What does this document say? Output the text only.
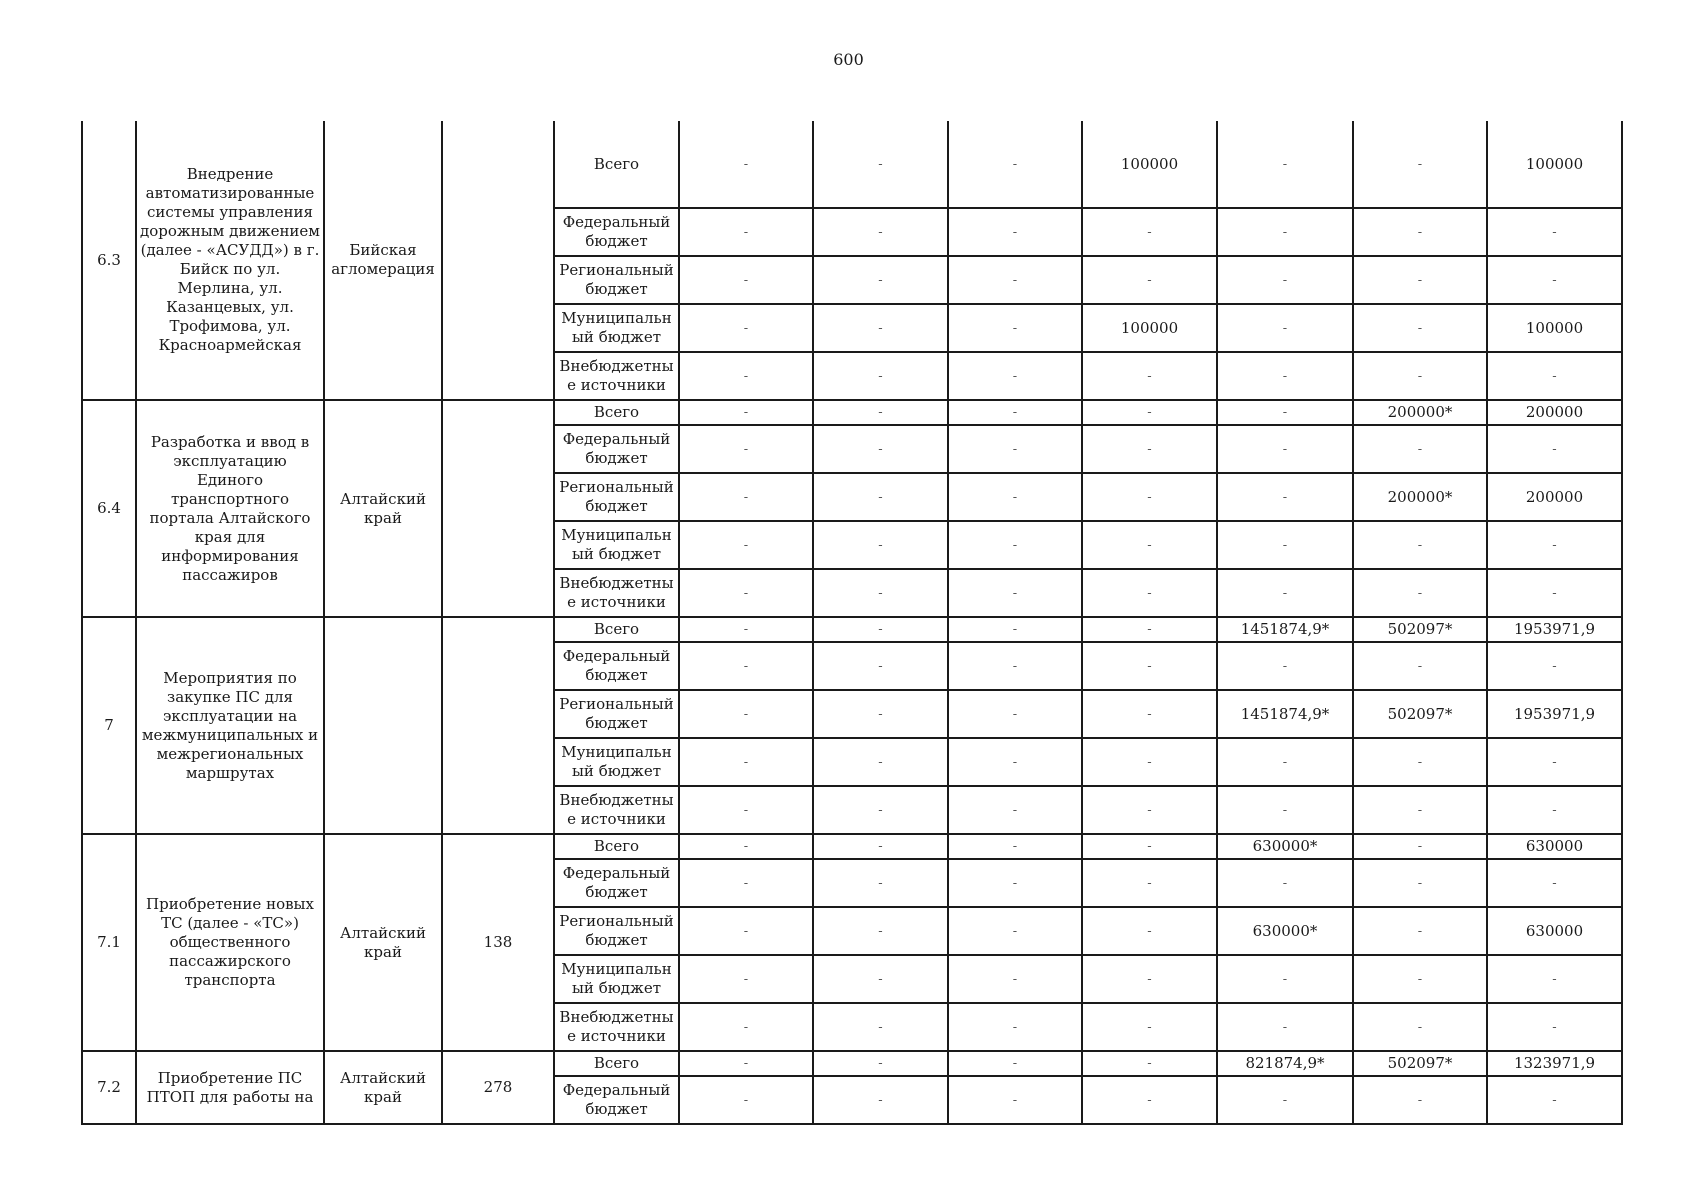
600
6.3	Внедрение автоматизированные системы управления дорожным движением (далее - «АСУДД») в г. Бийск по ул. Мерлина, ул. Казанцевых, ул. Трофимова, ул. Красноармейская	Бийская агломерация		Всего	-	-	-	100000	-	-	100000
				Федеральный бюджет	-	-	-	-	-	-	-
				Региональный бюджет	-	-	-	-	-	-	-
				Муниципальн ый бюджет	-	-	-	100000	-	-	100000
				Внебюджетны е источники	-	-	-	-	-	-	-
6.4	Разработка и ввод в эксплуатацию Единого транспортного портала Алтайского края для информирования пассажиров	Алтайский край		Всего	-	-	-	-	-	200000*	200000
				Федеральный бюджет	-	-	-	-	-	-	-
				Региональный бюджет	-	-	-	-	-	200000*	200000
				Муниципальн ый бюджет	-	-	-	-	-	-	-
				Внебюджетны е источники	-	-	-	-	-	-	-
7	Мероприятия по закупке ПС для эксплуатации на межмуниципальных и межрегиональных маршрутах			Всего	-	-	-	-	1451874,9*	502097*	1953971,9
				Федеральный бюджет	-	-	-	-	-	-	-
				Региональный бюджет	-	-	-	-	1451874,9*	502097*	1953971,9
				Муниципальн ый бюджет	-	-	-	-	-	-	-
				Внебюджетны е источники	-	-	-	-	-	-	-
7.1	Приобретение новых ТС (далее - «ТС») общественного пассажирского транспорта	Алтайский край	138	Всего	-	-	-	-	630000*	-	630000
				Федеральный бюджет	-	-	-	-	-	-	-
				Региональный бюджет	-	-	-	-	630000*	-	630000
				Муниципальн ый бюджет	-	-	-	-	-	-	-
				Внебюджетны е источники	-	-	-	-	-	-	-
7.2	Приобретение ПС ПТОП для работы на	Алтайский край	278	Всего	-	-	-	-	821874,9*	502097*	1323971,9
				Федеральный бюджет	-	-	-	-	-	-	-
